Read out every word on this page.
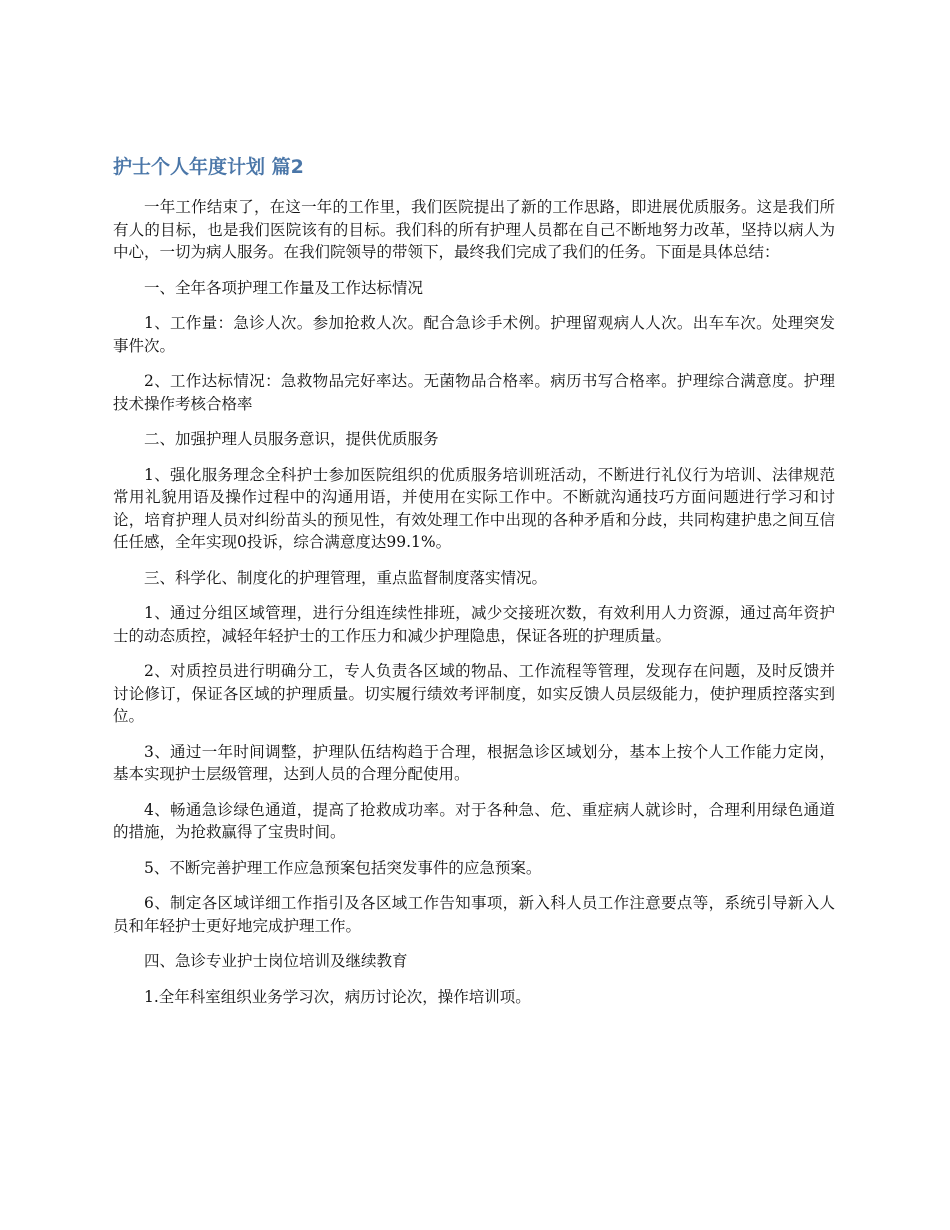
护士个人年度计划 篇2

一年工作结束了，在这一年的工作里，我们医院提出了新的工作思路，即进展优质服务。这是我们所有人的目标，也是我们医院该有的目标。我们科的所有护理人员都在自己不断地努力改革，坚持以病人为中心，一切为病人服务。在我们院领导的带领下，最终我们完成了我们的任务。下面是具体总结：

一、全年各项护理工作量及工作达标情况

1、工作量：急诊人次。参加抢救人次。配合急诊手术例。护理留观病人人次。出车车次。处理突发事件次。

2、工作达标情况：急救物品完好率达。无菌物品合格率。病历书写合格率。护理综合满意度。护理技术操作考核合格率

二、加强护理人员服务意识，提供优质服务

1、强化服务理念全科护士参加医院组织的优质服务培训班活动，不断进行礼仪行为培训、法律规范常用礼貌用语及操作过程中的沟通用语，并使用在实际工作中。不断就沟通技巧方面问题进行学习和讨论，培育护理人员对纠纷苗头的预见性，有效处理工作中出现的各种矛盾和分歧，共同构建护患之间互信任任感，全年实现0投诉，综合满意度达99.1%。

三、科学化、制度化的护理管理，重点监督制度落实情况。

1、通过分组区域管理，进行分组连续性排班，减少交接班次数，有效利用人力资源，通过高年资护士的动态质控，减轻年轻护士的工作压力和减少护理隐患，保证各班的护理质量。

2、对质控员进行明确分工，专人负责各区域的物品、工作流程等管理，发现存在问题，及时反馈并讨论修订，保证各区域的护理质量。切实履行绩效考评制度，如实反馈人员层级能力，使护理质控落实到位。

3、通过一年时间调整，护理队伍结构趋于合理，根据急诊区域划分，基本上按个人工作能力定岗，基本实现护士层级管理，达到人员的合理分配使用。

4、畅通急诊绿色通道，提高了抢救成功率。对于各种急、危、重症病人就诊时，合理利用绿色通道的措施，为抢救赢得了宝贵时间。

5、不断完善护理工作应急预案包括突发事件的应急预案。

6、制定各区域详细工作指引及各区域工作告知事项，新入科人员工作注意要点等，系统引导新入人员和年轻护士更好地完成护理工作。

四、急诊专业护士岗位培训及继续教育

1.全年科室组织业务学习次，病历讨论次，操作培训项。
